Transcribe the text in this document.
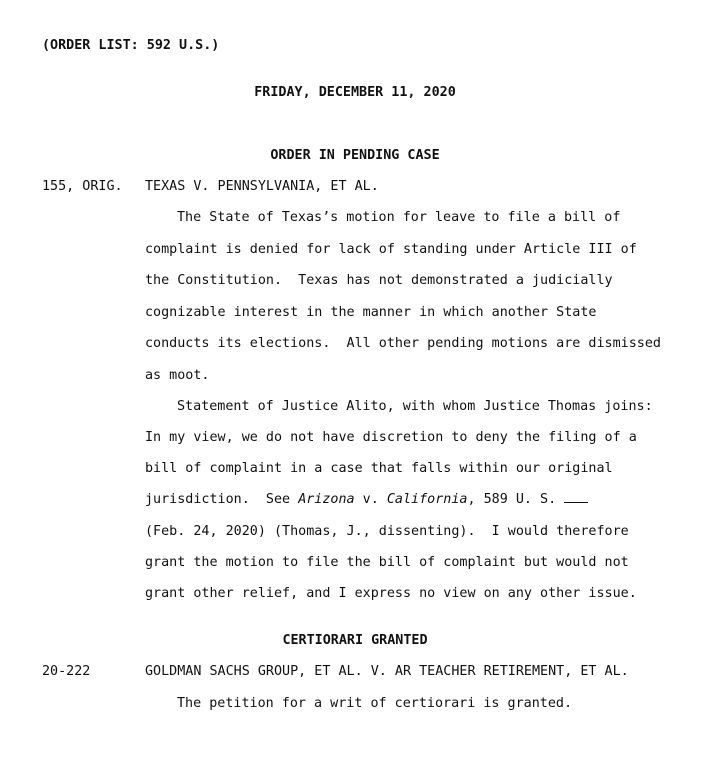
(ORDER LIST: 592 U.S.)
FRIDAY, DECEMBER 11, 2020
ORDER IN PENDING CASE
155, ORIG. TEXAS V. PENNSYLVANIA, ET AL.
The State of Texas’s motion for leave to file a bill of
complaint is denied for lack of standing under Article III of
the Constitution.  Texas has not demonstrated a judicially
cognizable interest in the manner in which another State
conducts its elections.  All other pending motions are dismissed
as moot.
Statement of Justice Alito, with whom Justice Thomas joins:
In my view, we do not have discretion to deny the filing of a
bill of complaint in a case that falls within our original
jurisdiction.  See Arizona v. California, 589 U. S.
(Feb. 24, 2020) (Thomas, J., dissenting).  I would therefore
grant the motion to file the bill of complaint but would not
grant other relief, and I express no view on any other issue.
CERTIORARI GRANTED
20-222	GOLDMAN SACHS GROUP, ET AL. V. AR TEACHER RETIREMENT, ET AL.
The petition for a writ of certiorari is granted.
